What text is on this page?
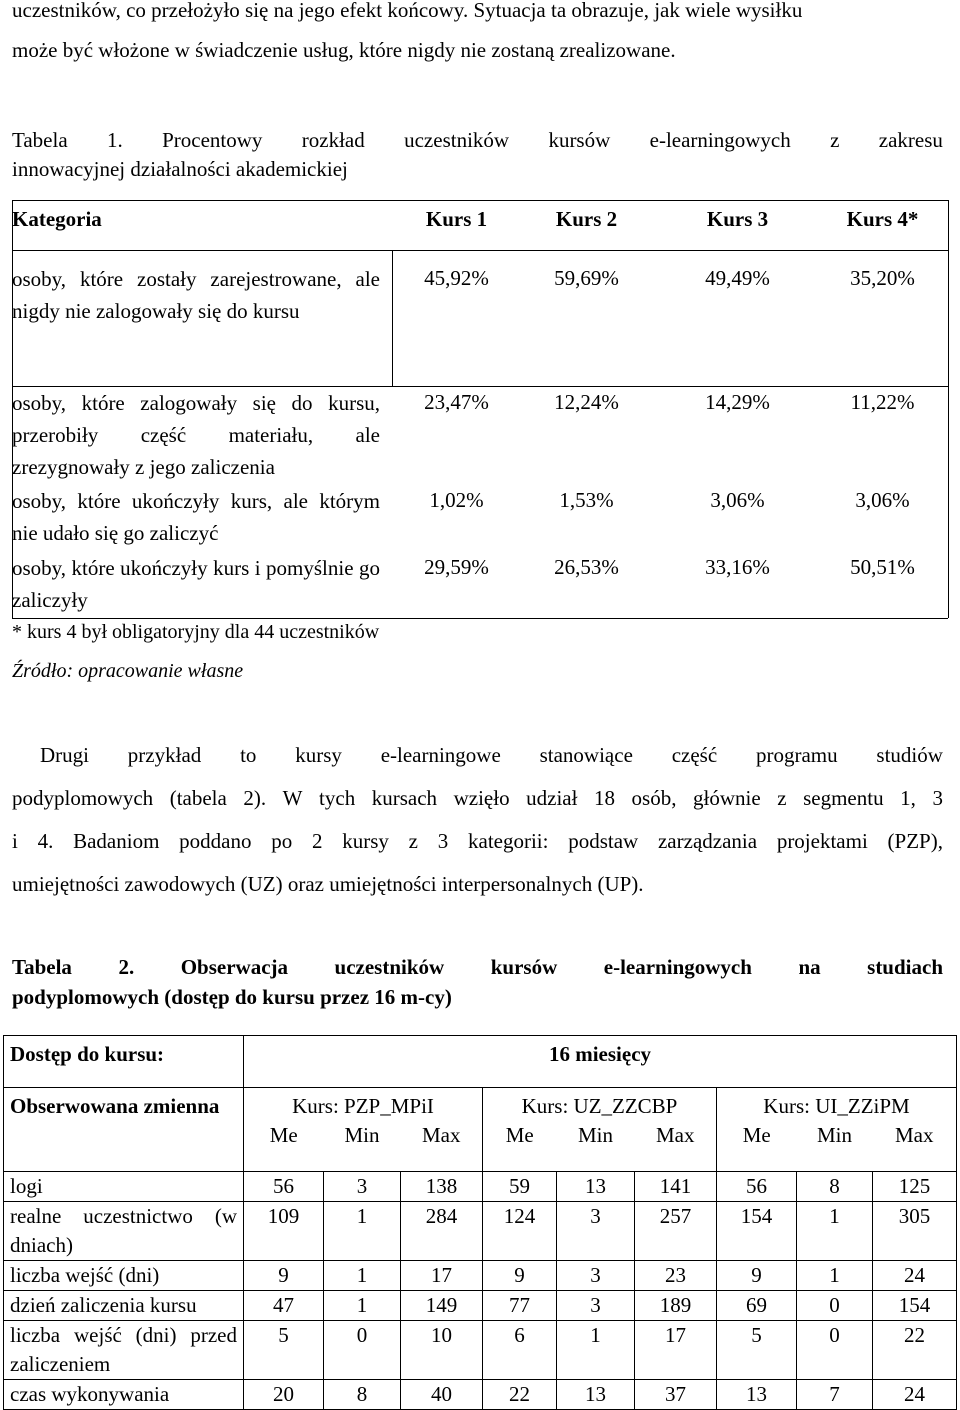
uczestników, co przełożyło się na jego efekt końcowy. Sytuacja ta obrazuje, jak wiele wysiłku
może być włożone w świadczenie usług, które nigdy nie zostaną zrealizowane.
Tabela 1. Procentowy rozkład uczestników kursów e-learningowych z zakresu
innowacyjnej działalności akademickiej
Kategoria	Kurs 1	Kurs 2	Kurs 3	Kurs 4*
osoby, które zostały zarejestrowane, ale nigdy nie zalogowały się do kursu
45,92%	59,69%	49,49%	35,20%
osoby, które zalogowały się do kursu, przerobiły część materiału, ale zrezygnowały z jego zaliczenia
23,47%	12,24%	14,29%	11,22%
osoby, które ukończyły kurs, ale którym nie udało się go zaliczyć
1,02%	1,53%	3,06%	3,06%
osoby, które ukończyły kurs i pomyślnie go zaliczyły
29,59%	26,53%	33,16%	50,51%
* kurs 4 był obligatoryjny dla 44 uczestników
Źródło: opracowanie własne
Drugi przykład to kursy e-learningowe stanowiące część programu studiów
podyplomowych (tabela 2). W tych kursach wzięło udział 18 osób, głównie z segmentu 1, 3
i 4. Badaniom poddano po 2 kursy z 3 kategorii: podstaw zarządzania projektami (PZP),
umiejętności zawodowych (UZ) oraz umiejętności interpersonalnych (UP).
Tabela 2. Obserwacja uczestników kursów e-learningowych na studiach
podyplomowych (dostęp do kursu przez 16 m-cy)
Dostęp do kursu:	16 miesięcy								
Obserwowana zmienna	Kurs: PZP_MPiI			Kurs: UZ_ZZCBP			Kurs: UI_ZZiPM		
	Me	Min	Max	Me	Min	Max	Me	Min	Max
logi	56	3	138	59	13	141	56	8	125
realne uczestnictwo (w dniach)	109	1	284	124	3	257	154	1	305
liczba wejść (dni)	9	1	17	9	3	23	9	1	24
dzień zaliczenia kursu	47	1	149	77	3	189	69	0	154
liczba wejść (dni) przed zaliczeniem	5	0	10	6	1	17	5	0	22
czas wykonywania	20	8	40	22	13	37	13	7	24
